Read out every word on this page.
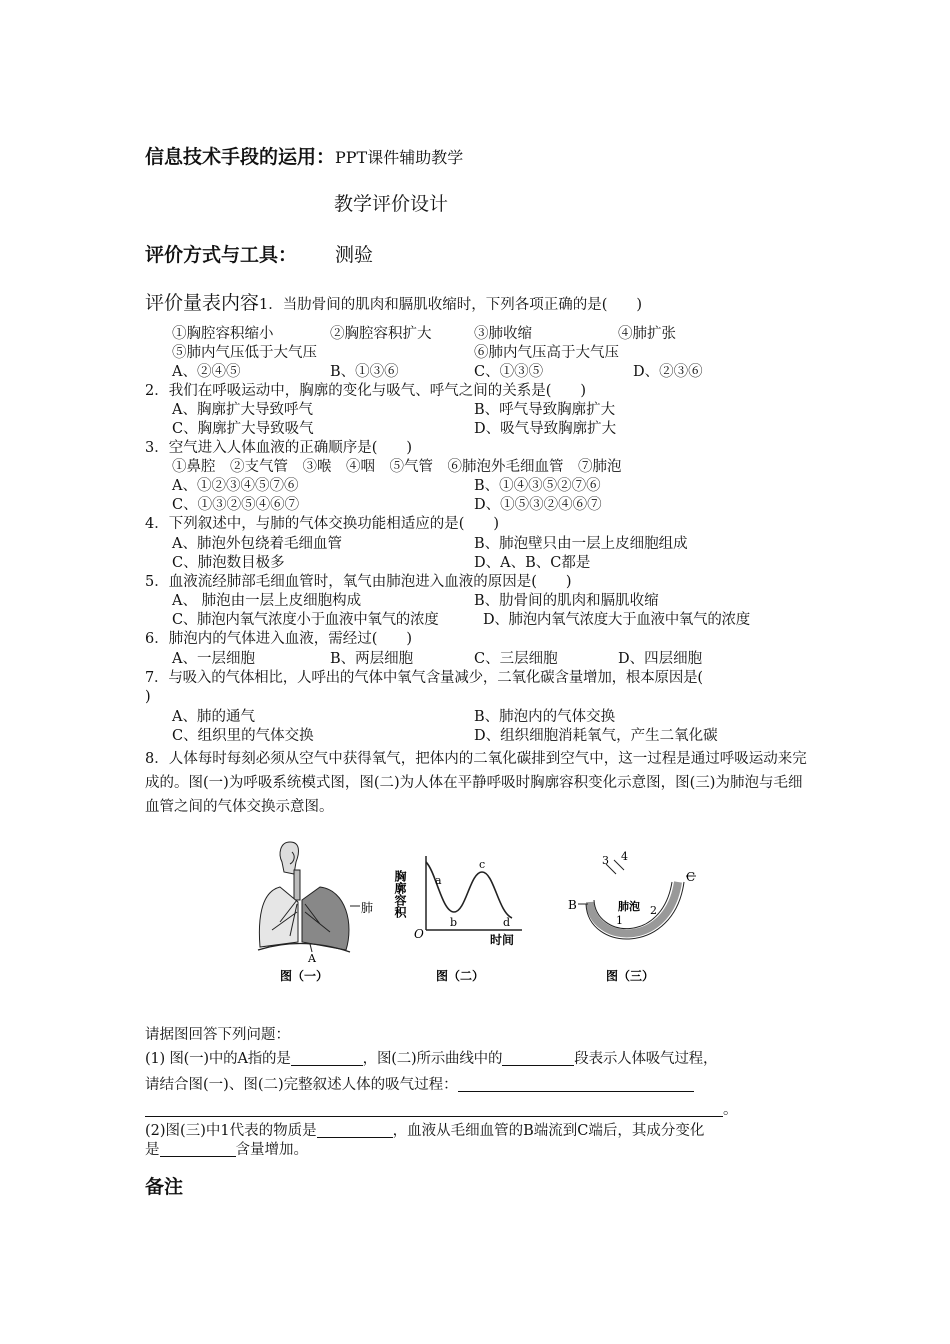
信息技术手段的运用：PPT课件辅助教学
教学评价设计
评价方式与工具： 测验
评价量表内容1．当肋骨间的肌肉和膈肌收缩时，下列各项正确的是(　　)
①胸腔容积缩小	②胸腔容积扩大	③肺收缩	④肺扩张
⑤肺内气压低于大气压	⑥肺内气压高于大气压
A、②④⑤	B、①③⑥	C、①③⑤	D、②③⑥
2．我们在呼吸运动中，胸廓的变化与吸气、呼气之间的关系是(　　)
A、胸廓扩大导致呼气	B、呼气导致胸廓扩大
C、胸廓扩大导致吸气	D、吸气导致胸廓扩大
3．空气进入人体血液的正确顺序是(　　)
①鼻腔　②支气管　③喉　④咽　⑤气管　⑥肺泡外毛细血管　⑦肺泡
A、①②③④⑤⑦⑥	B、①④③⑤②⑦⑥
C、①③②⑤④⑥⑦	D、①⑤③②④⑥⑦
4．下列叙述中，与肺的气体交换功能相适应的是(　　)
A、肺泡外包绕着毛细血管	B、肺泡壁只由一层上皮细胞组成
C、肺泡数目极多	D、A、B、C都是
5．血液流经肺部毛细血管时，氧气由肺泡进入血液的原因是(　　)
A、 肺泡由一层上皮细胞构成	B、肋骨间的肌肉和膈肌收缩
C、肺泡内氧气浓度小于血液中氧气的浓度	D、肺泡内氧气浓度大于血液中氧气的浓度
6．肺泡内的气体进入血液，需经过(　　)
A、一层细胞	B、两层细胞	C、三层细胞	D、四层细胞
7．与吸入的气体相比，人呼出的气体中氧气含量减少，二氧化碳含量增加，根本原因是(
)
A、肺的通气	B、肺泡内的气体交换
C、组织里的气体交换	D、组织细胞消耗氧气，产生二氧化碳
8．人体每时每刻必须从空气中获得氧气，把体内的二氧化碳排到空气中，这一过程是通过呼吸运动来完成的。图(一)为呼吸系统模式图，图(二)为人体在平静呼吸时胸廓容积变化示意图，图(三)为肺泡与毛细血管之间的气体交换示意图。
肺
A
图（一）
胸廓容积
时间
O
a
b
c
d
图（二）
肺泡
1
2
3 4
B
C
图（三）
请据图回答下列问题：
(1) 图(一)中的A指的是	，图(二)所示曲线中的	段表示人体吸气过程，
请结合图(一)、图(二)完整叙述人体的吸气过程：
。
(2)图(三)中1代表的物质是	，血液从毛细血管的B端流到C端后，其成分变化
是	含量增加。
备注
